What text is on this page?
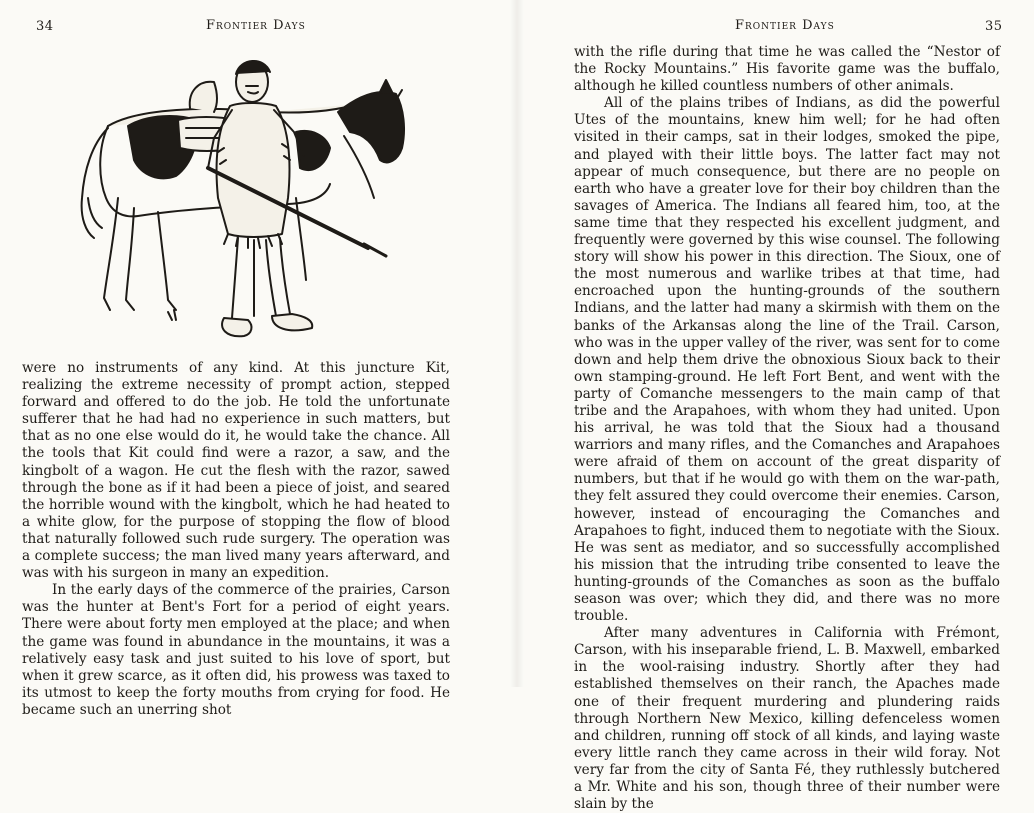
34	Frontier Days

were no instruments of any kind. At this juncture Kit, realizing the extreme necessity of prompt action, stepped forward and offered to do the job. He told the unfortunate sufferer that he had had no experience in such matters, but that as no one else would do it, he would take the chance. All the tools that Kit could find were a razor, a saw, and the kingbolt of a wagon. He cut the flesh with the razor, sawed through the bone as if it had been a piece of joist, and seared the horrible wound with the kingbolt, which he had heated to a white glow, for the purpose of stopping the flow of blood that naturally followed such rude surgery. The operation was a complete success; the man lived many years afterward, and was with his surgeon in many an expedition.

In the early days of the commerce of the prairies, Carson was the hunter at Bent's Fort for a period of eight years. There were about forty men employed at the place; and when the game was found in abundance in the mountains, it was a relatively easy task and just suited to his love of sport, but when it grew scarce, as it often did, his prowess was taxed to its utmost to keep the forty mouths from crying for food. He became such an unerring shot

Frontier Days	35

with the rifle during that time he was called the “Nestor of the Rocky Mountains.” His favorite game was the buffalo, although he killed countless numbers of other animals.

All of the plains tribes of Indians, as did the powerful Utes of the mountains, knew him well; for he had often visited in their camps, sat in their lodges, smoked the pipe, and played with their little boys. The latter fact may not appear of much consequence, but there are no people on earth who have a greater love for their boy children than the savages of America. The Indians all feared him, too, at the same time that they respected his excellent judgment, and frequently were governed by this wise counsel. The following story will show his power in this direction. The Sioux, one of the most numerous and warlike tribes at that time, had encroached upon the hunting-grounds of the southern Indians, and the latter had many a skirmish with them on the banks of the Arkansas along the line of the Trail. Carson, who was in the upper valley of the river, was sent for to come down and help them drive the obnoxious Sioux back to their own stamping-ground. He left Fort Bent, and went with the party of Comanche messengers to the main camp of that tribe and the Arapahoes, with whom they had united. Upon his arrival, he was told that the Sioux had a thousand warriors and many rifles, and the Comanches and Arapahoes were afraid of them on account of the great disparity of numbers, but that if he would go with them on the war-path, they felt assured they could overcome their enemies. Carson, however, instead of encouraging the Comanches and Arapahoes to fight, induced them to negotiate with the Sioux. He was sent as mediator, and so successfully accomplished his mission that the intruding tribe consented to leave the hunting-grounds of the Comanches as soon as the buffalo season was over; which they did, and there was no more trouble.

After many adventures in California with Frémont, Carson, with his inseparable friend, L. B. Maxwell, embarked in the wool-raising industry. Shortly after they had established themselves on their ranch, the Apaches made one of their frequent murdering and plundering raids through Northern New Mexico, killing defenceless women and children, running off stock of all kinds, and laying waste every little ranch they came across in their wild foray. Not very far from the city of Santa Fé, they ruthlessly butchered a Mr. White and his son, though three of their number were slain by the
